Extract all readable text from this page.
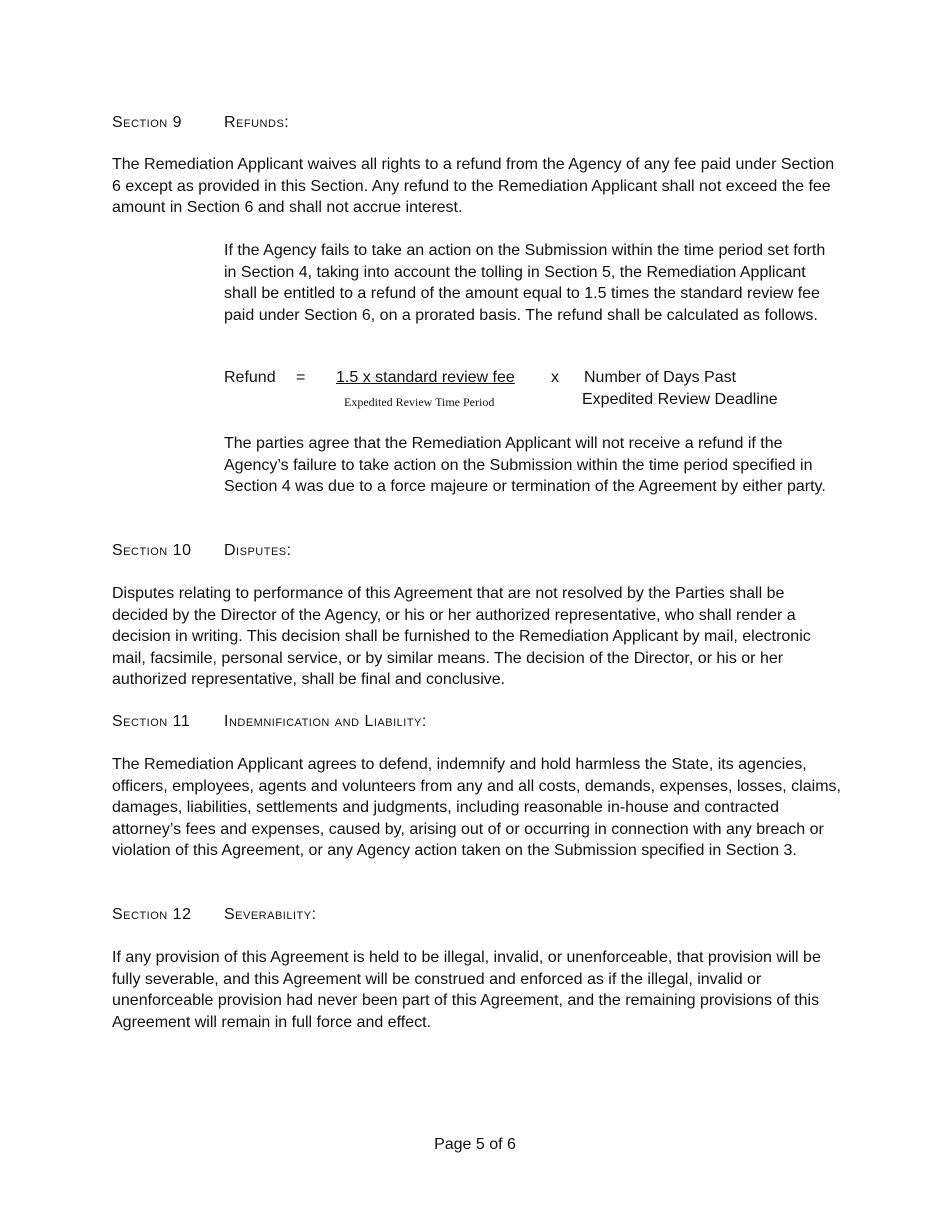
Section 9	Refunds:

The Remediation Applicant waives all rights to a refund from the Agency of any fee paid under Section 6 except as provided in this Section. Any refund to the Remediation Applicant shall not exceed the fee amount in Section 6 and shall not accrue interest.

If the Agency fails to take an action on the Submission within the time period set forth in Section 4, taking into account the tolling in Section 5, the Remediation Applicant shall be entitled to a refund of the amount equal to 1.5 times the standard review fee paid under Section 6, on a prorated basis. The refund shall be calculated as follows.

Refund = 1.5 x standard review fee
Expedited Review Time Period
x Number of Days Past
Expedited Review Deadline

The parties agree that the Remediation Applicant will not receive a refund if the Agency’s failure to take action on the Submission within the time period specified in Section 4 was due to a force majeure or termination of the Agreement by either party.

Section 10 Disputes:

Disputes relating to performance of this Agreement that are not resolved by the Parties shall be decided by the Director of the Agency, or his or her authorized representative, who shall render a decision in writing. This decision shall be furnished to the Remediation Applicant by mail, electronic mail, facsimile, personal service, or by similar means. The decision of the Director, or his or her authorized representative, shall be final and conclusive.

Section 11 Indemnification and Liability:

The Remediation Applicant agrees to defend, indemnify and hold harmless the State, its agencies, officers, employees, agents and volunteers from any and all costs, demands, expenses, losses, claims, damages, liabilities, settlements and judgments, including reasonable in-house and contracted attorney’s fees and expenses, caused by, arising out of or occurring in connection with any breach or violation of this Agreement, or any Agency action taken on the Submission specified in Section 3.

Section 12 Severability:

If any provision of this Agreement is held to be illegal, invalid, or unenforceable, that provision will be fully severable, and this Agreement will be construed and enforced as if the illegal, invalid or unenforceable provision had never been part of this Agreement, and the remaining provisions of this Agreement will remain in full force and effect.

Page 5 of 6
